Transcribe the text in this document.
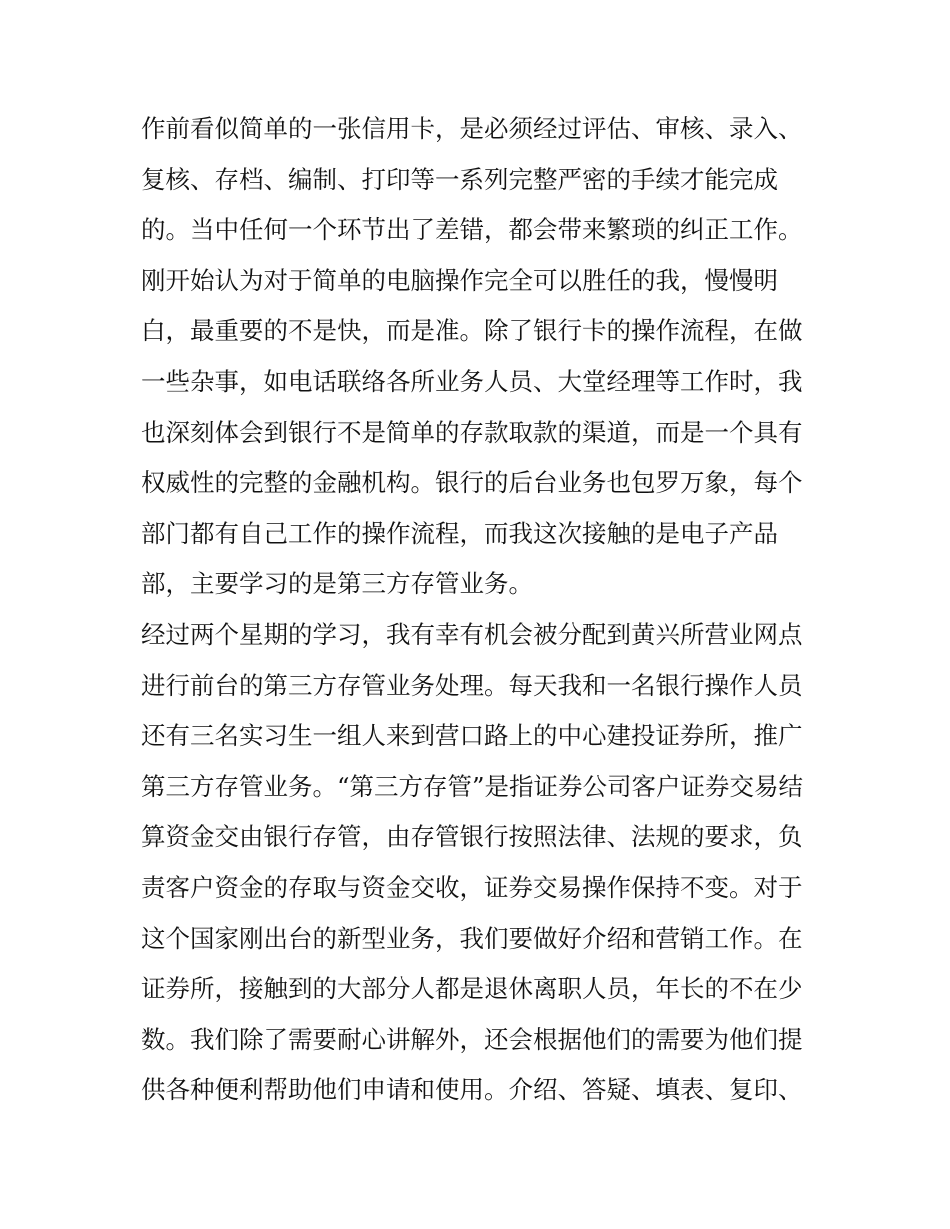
作前看似简单的一张信用卡，是必须经过评估、审核、录入、
复核、存档、编制、打印等一系列完整严密的手续才能完成
的。当中任何一个环节出了差错，都会带来繁琐的纠正工作。
刚开始认为对于简单的电脑操作完全可以胜任的我，慢慢明
白，最重要的不是快，而是准。除了银行卡的操作流程，在做
一些杂事，如电话联络各所业务人员、大堂经理等工作时，我
也深刻体会到银行不是简单的存款取款的渠道，而是一个具有
权威性的完整的金融机构。银行的后台业务也包罗万象，每个
部门都有自己工作的操作流程，而我这次接触的是电子产品
部，主要学习的是第三方存管业务。
经过两个星期的学习，我有幸有机会被分配到黄兴所营业网点
进行前台的第三方存管业务处理。每天我和一名银行操作人员
还有三名实习生一组人来到营口路上的中心建投证券所，推广
第三方存管业务。“第三方存管”是指证券公司客户证券交易结
算资金交由银行存管，由存管银行按照法律、法规的要求，负
责客户资金的存取与资金交收，证券交易操作保持不变。对于
这个国家刚出台的新型业务，我们要做好介绍和营销工作。在
证券所，接触到的大部分人都是退休离职人员，年长的不在少
数。我们除了需要耐心讲解外，还会根据他们的需要为他们提
供各种便利帮助他们申请和使用。介绍、答疑、填表、复印、
